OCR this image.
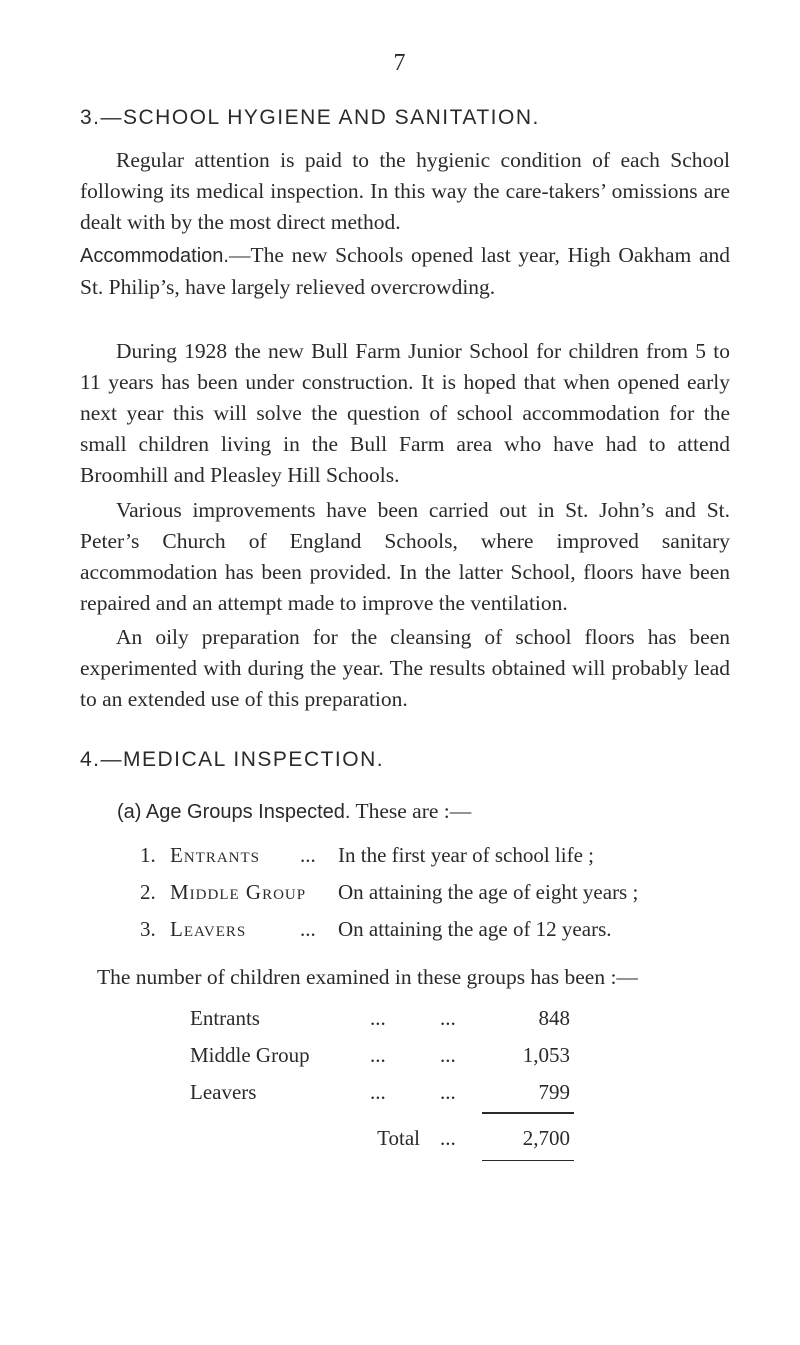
7
3.—SCHOOL HYGIENE AND SANITATION.
Regular attention is paid to the hygienic condition of each School following its medical inspection. In this way the care-takers’ omissions are dealt with by the most direct method.
Accommodation.—The new Schools opened last year, High Oakham and St. Philip’s, have largely relieved overcrowding.
During 1928 the new Bull Farm Junior School for children from 5 to 11 years has been under construction. It is hoped that when opened early next year this will solve the question of school accommodation for the small children living in the Bull Farm area who have had to attend Broomhill and Pleasley Hill Schools.
Various improvements have been carried out in St. John’s and St. Peter’s Church of England Schools, where improved sanitary accommodation has been provided. In the latter School, floors have been repaired and an attempt made to improve the ventilation.
An oily preparation for the cleansing of school floors has been experimented with during the year. The results obtained will probably lead to an extended use of this preparation.
4.—MEDICAL INSPECTION.
(a) Age Groups Inspected. These are :—
1. Entrants ... In the first year of school life ;
2. Middle Group On attaining the age of eight years ;
3. Leavers	... On attaining the age of 12 years.
The number of children examined in these groups has been :—
Entrants	...	...	848
Middle Group	...	...	1,053
Leavers	...	...	799
Total ...	2,700
